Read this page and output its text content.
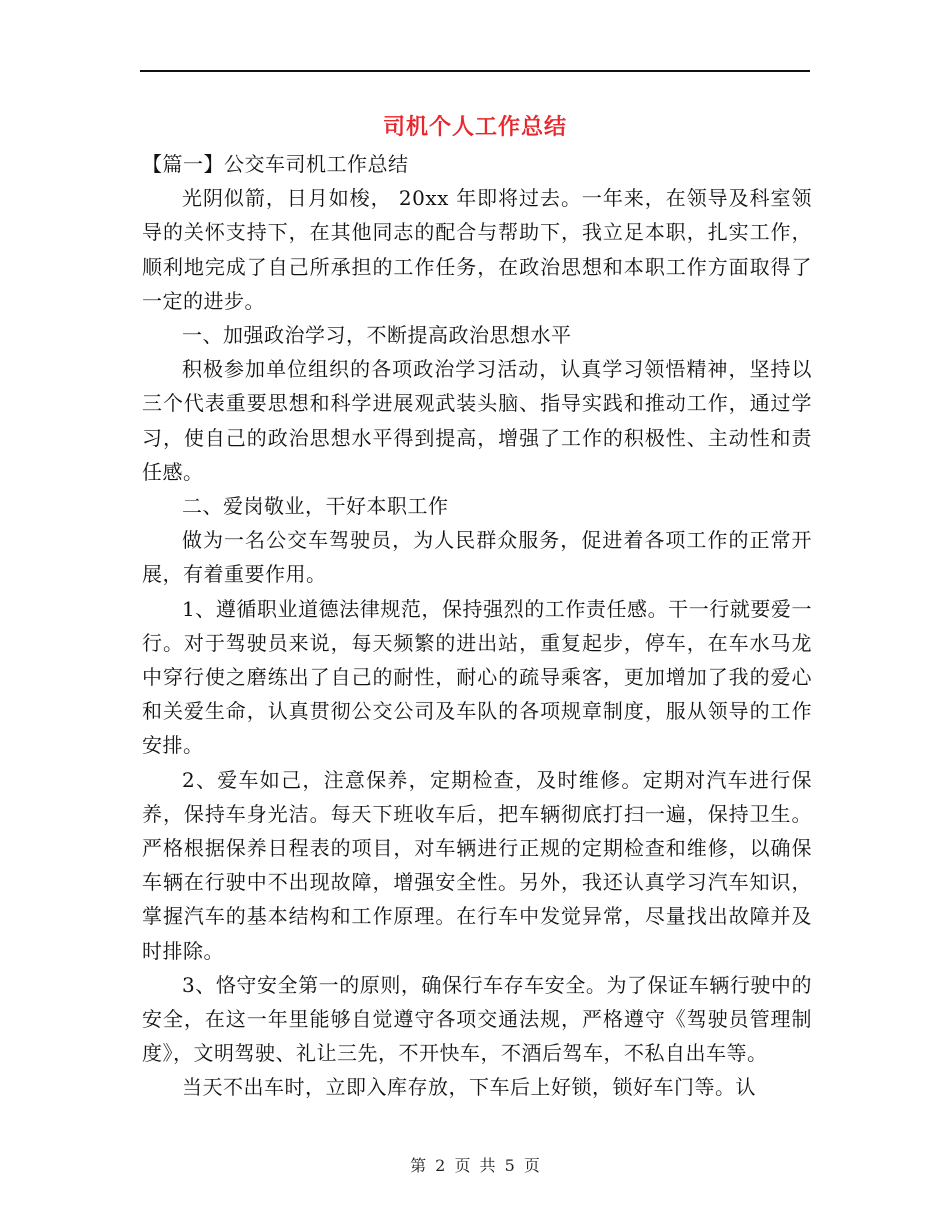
司机个人工作总结

【篇一】公交车司机工作总结

光阴似箭，日月如梭， 20xx 年即将过去。一年来，在领导及科室领导的关怀支持下，在其他同志的配合与帮助下，我立足本职，扎实工作，顺利地完成了自己所承担的工作任务，在政治思想和本职工作方面取得了一定的进步。

一、加强政治学习，不断提高政治思想水平

积极参加单位组织的各项政治学习活动，认真学习领悟精神，坚持以三个代表重要思想和科学进展观武装头脑、指导实践和推动工作，通过学习，使自己的政治思想水平得到提高，增强了工作的积极性、主动性和责任感。

二、爱岗敬业，干好本职工作

做为一名公交车驾驶员，为人民群众服务，促进着各项工作的正常开展，有着重要作用。

1、遵循职业道德法律规范，保持强烈的工作责任感。干一行就要爱一行。对于驾驶员来说，每天频繁的进出站，重复起步，停车，在车水马龙中穿行使之磨练出了自己的耐性，耐心的疏导乘客，更加增加了我的爱心和关爱生命，认真贯彻公交公司及车队的各项规章制度，服从领导的工作安排。

2、爱车如己，注意保养，定期检查，及时维修。定期对汽车进行保养，保持车身光洁。每天下班收车后，把车辆彻底打扫一遍，保持卫生。严格根据保养日程表的项目，对车辆进行正规的定期检查和维修，以确保车辆在行驶中不出现故障，增强安全性。另外，我还认真学习汽车知识，掌握汽车的基本结构和工作原理。在行车中发觉异常，尽量找出故障并及时排除。

3、恪守安全第一的原则，确保行车存车安全。为了保证车辆行驶中的安全，在这一年里能够自觉遵守各项交通法规，严格遵守《驾驶员管理制度》，文明驾驶、礼让三先，不开快车，不酒后驾车，不私自出车等。

当天不出车时，立即入库存放，下车后上好锁，锁好车门等。认

第 2 页 共 5 页
